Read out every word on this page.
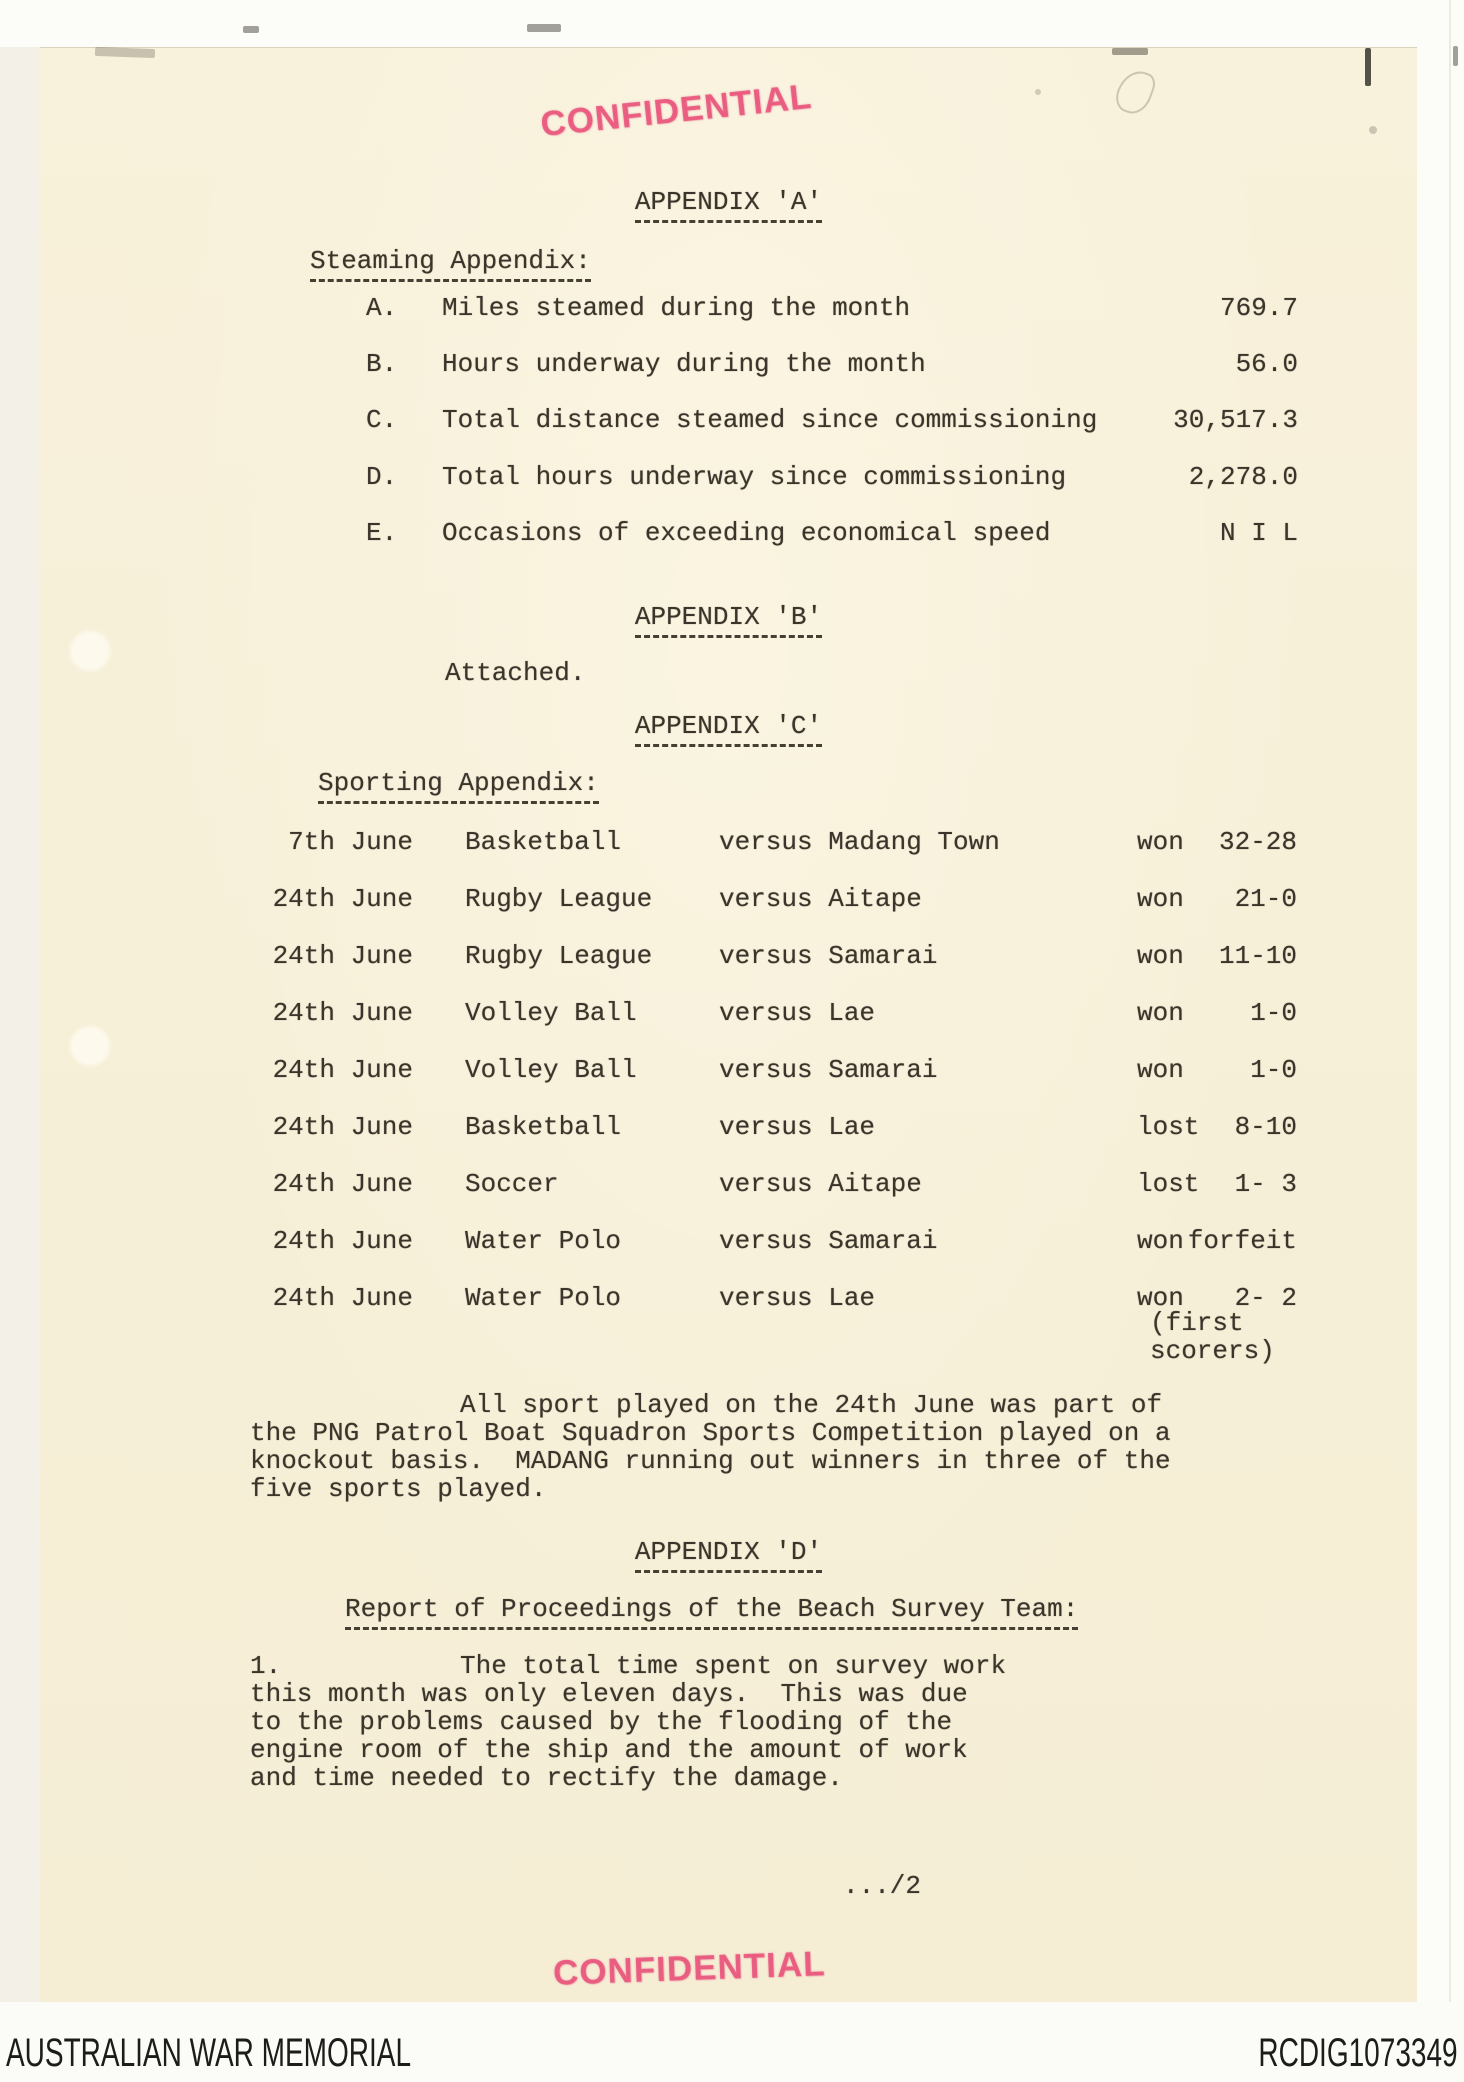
CONFIDENTIAL
APPENDIX 'A'
Steaming Appendix:
A. Miles steamed during the month	769.7
B. Hours underway during the month	56.0
C. Total distance steamed since commissioning	30,517.3
D. Total hours underway since commissioning	2,278.0
E. Occasions of exceeding economical speed	N I L
APPENDIX 'B'
Attached.
APPENDIX 'C'
Sporting Appendix:
7th June Basketball	versus Madang Town	won	32-28
24th June Rugby League	versus Aitape	won	21-0
24th June Rugby League	versus Samarai	won	11-10
24th June Volley Ball	versus Lae	won	1-0
24th June Volley Ball	versus Samarai	won	1-0
24th June Basketball	versus Lae	lost	8-10
24th June Soccer	versus Aitape	lost	1- 3
24th June Water Polo	versus Samarai	won forfeit
24th June Water Polo	versus Lae	won	2- 2
(first
scorers)
All sport played on the 24th June was part of
the PNG Patrol Boat Squadron Sports Competition played on a
knockout basis.  MADANG running out winners in three of the
five sports played.
APPENDIX 'D'
Report of Proceedings of the Beach Survey Team:
1.	The total time spent on survey work
this month was only eleven days.  This was due
to the problems caused by the flooding of the
engine room of the ship and the amount of work
and time needed to rectify the damage.
.../2
CONFIDENTIAL
AUSTRALIAN WAR MEMORIAL	RCDIG1073349
